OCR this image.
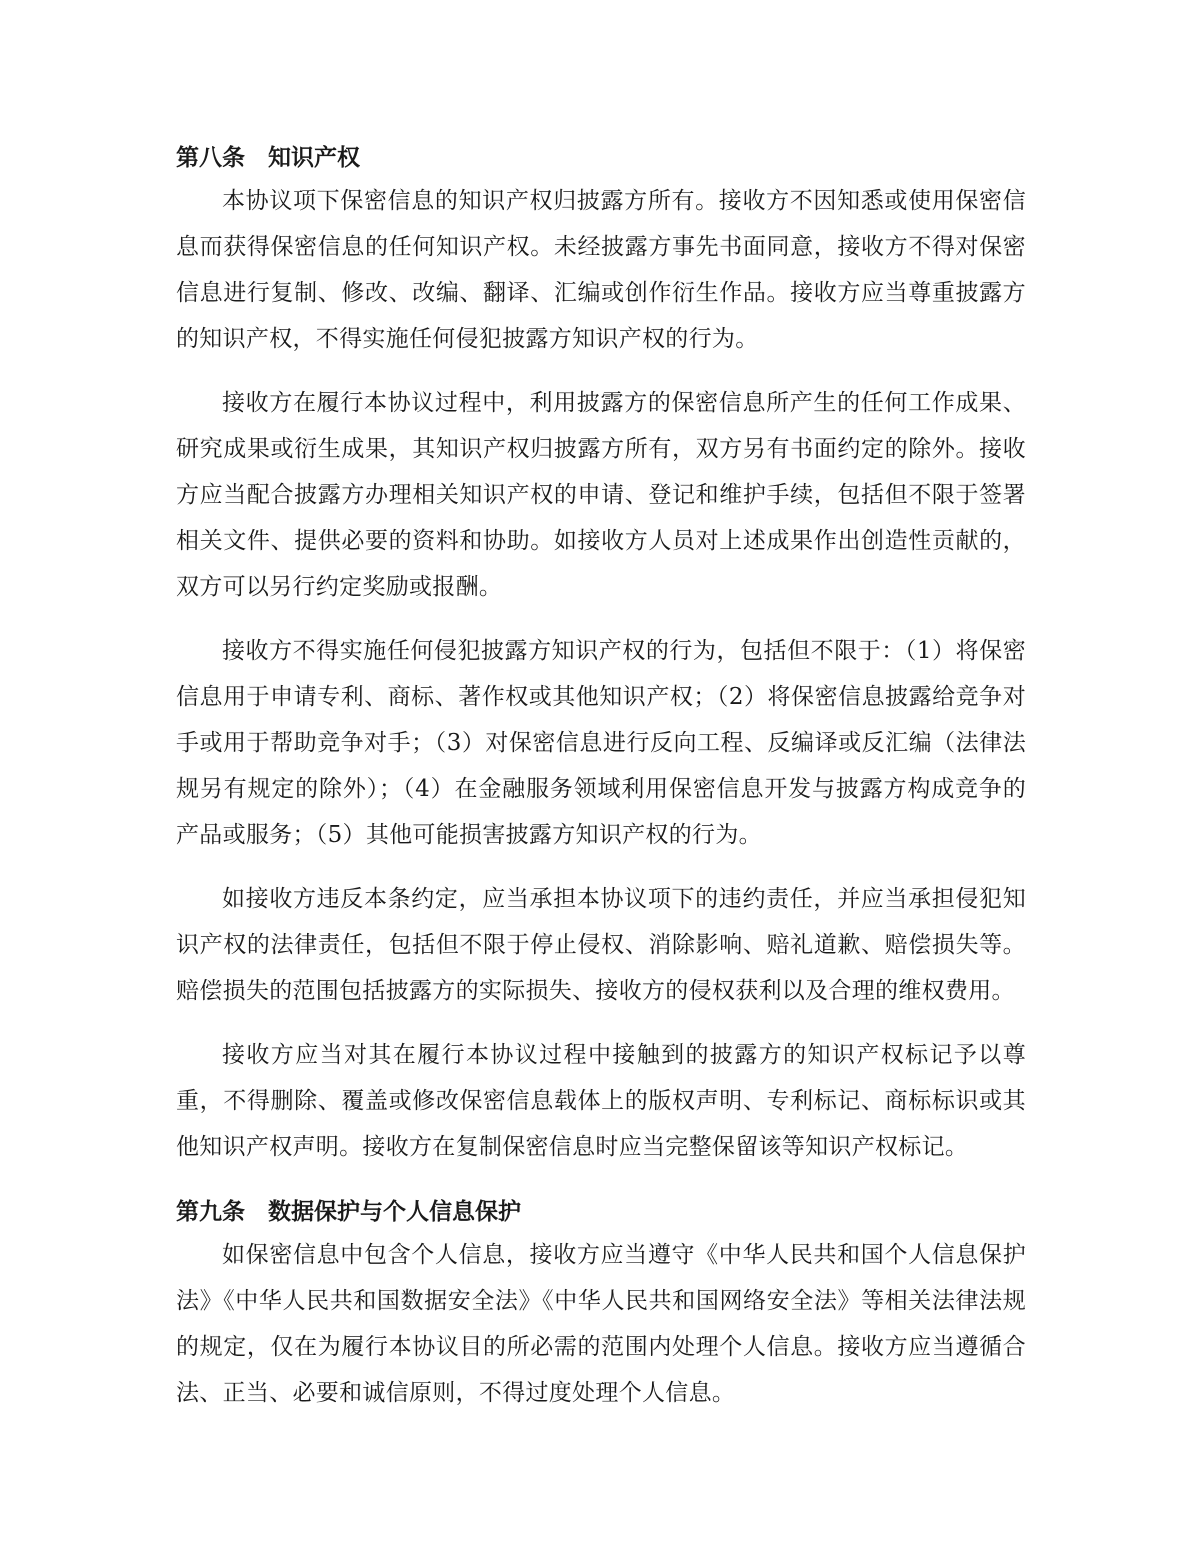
第八条　知识产权

本协议项下保密信息的知识产权归披露方所有。接收方不因知悉或使用保密信息而获得保密信息的任何知识产权。未经披露方事先书面同意，接收方不得对保密信息进行复制、修改、改编、翻译、汇编或创作衍生作品。接收方应当尊重披露方的知识产权，不得实施任何侵犯披露方知识产权的行为。

接收方在履行本协议过程中，利用披露方的保密信息所产生的任何工作成果、研究成果或衍生成果，其知识产权归披露方所有，双方另有书面约定的除外。接收方应当配合披露方办理相关知识产权的申请、登记和维护手续，包括但不限于签署相关文件、提供必要的资料和协助。如接收方人员对上述成果作出创造性贡献的，双方可以另行约定奖励或报酬。

接收方不得实施任何侵犯披露方知识产权的行为，包括但不限于：（1）将保密信息用于申请专利、商标、著作权或其他知识产权；（2）将保密信息披露给竞争对手或用于帮助竞争对手；（3）对保密信息进行反向工程、反编译或反汇编（法律法规另有规定的除外）；（4）在金融服务领域利用保密信息开发与披露方构成竞争的产品或服务；（5）其他可能损害披露方知识产权的行为。

如接收方违反本条约定，应当承担本协议项下的违约责任，并应当承担侵犯知识产权的法律责任，包括但不限于停止侵权、消除影响、赔礼道歉、赔偿损失等。赔偿损失的范围包括披露方的实际损失、接收方的侵权获利以及合理的维权费用。

接收方应当对其在履行本协议过程中接触到的披露方的知识产权标记予以尊重，不得删除、覆盖或修改保密信息载体上的版权声明、专利标记、商标标识或其他知识产权声明。接收方在复制保密信息时应当完整保留该等知识产权标记。

第九条　数据保护与个人信息保护

如保密信息中包含个人信息，接收方应当遵守《中华人民共和国个人信息保护法》《中华人民共和国数据安全法》《中华人民共和国网络安全法》等相关法律法规的规定，仅在为履行本协议目的所必需的范围内处理个人信息。接收方应当遵循合法、正当、必要和诚信原则，不得过度处理个人信息。
